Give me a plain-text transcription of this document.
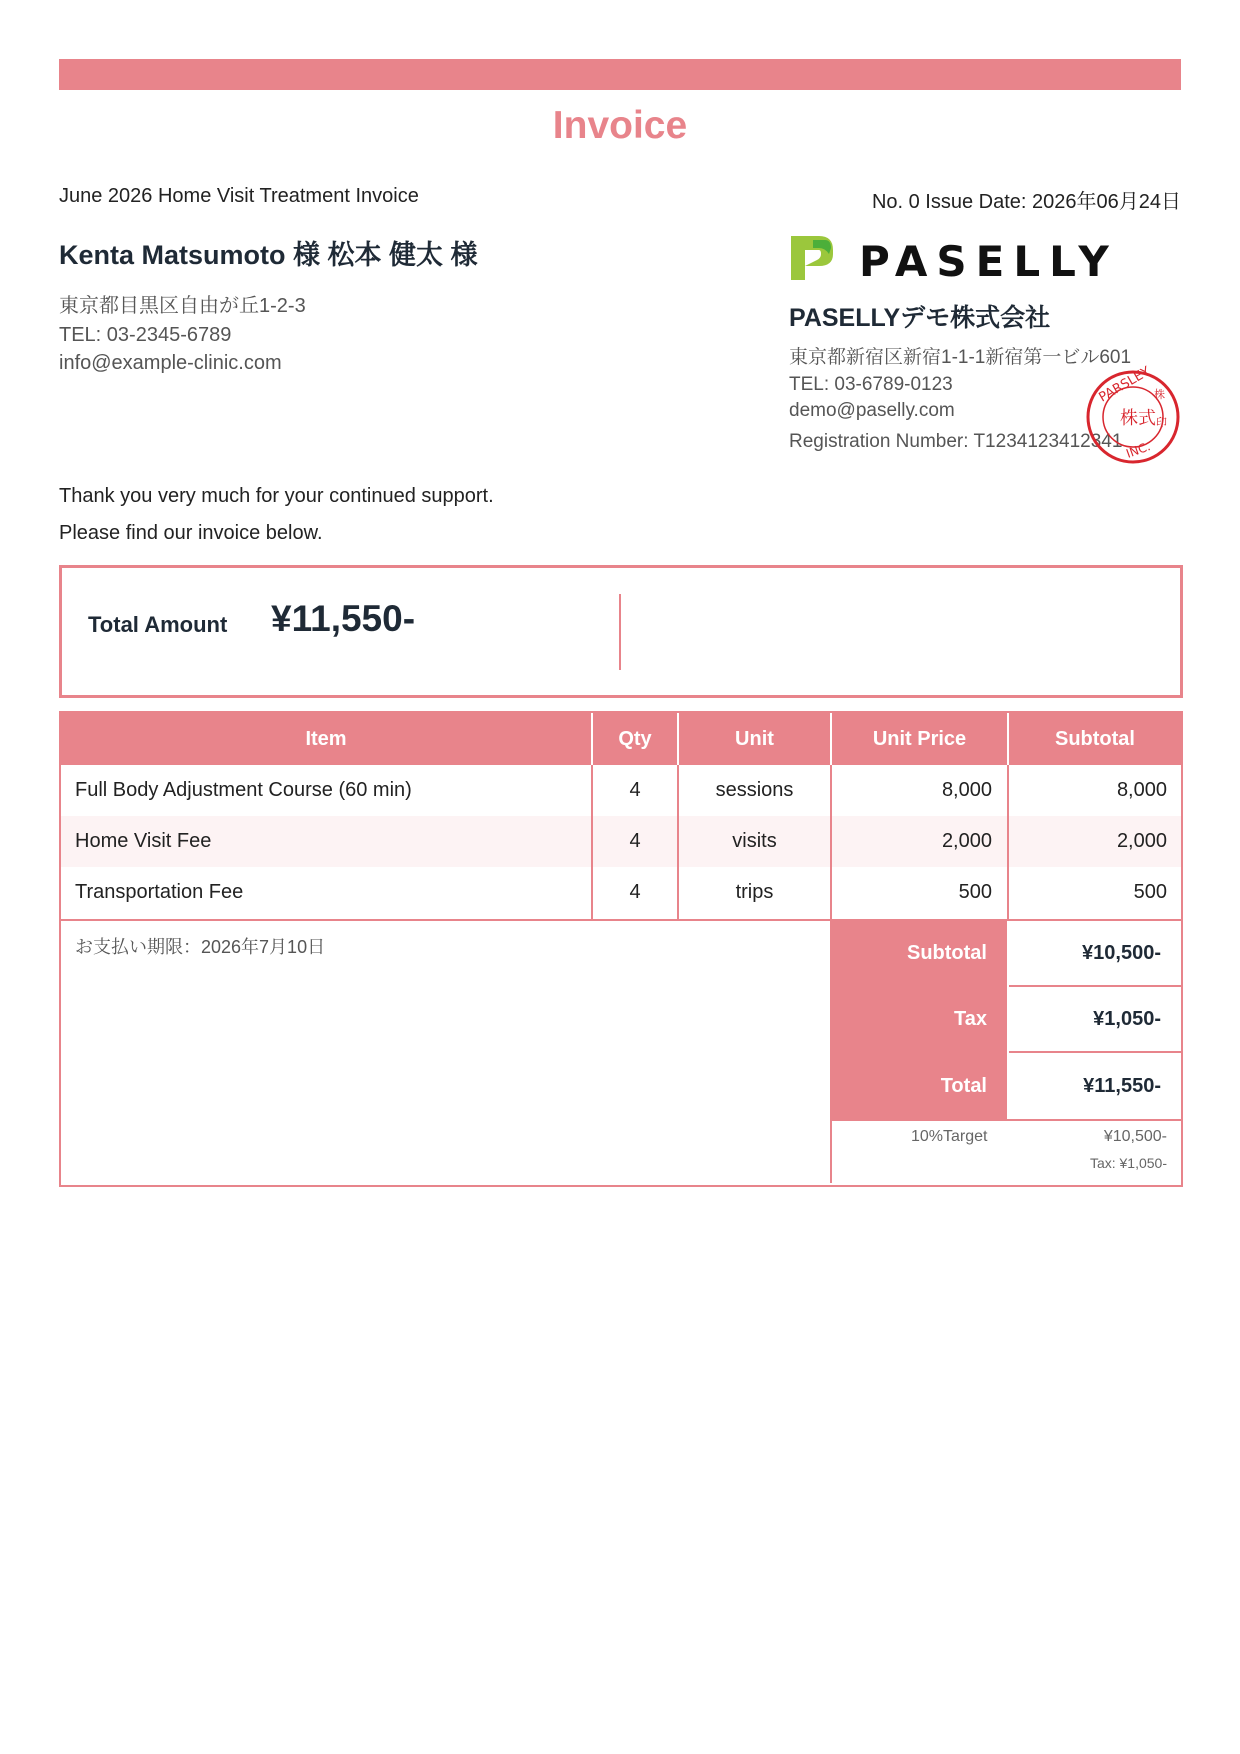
Invoice
June 2026 Home Visit Treatment Invoice	No. 0 Issue Date: 2026年06月24日
Kenta Matsumoto 様 松本 健太 様
東京都目黒区自由が丘1-2-3
TEL: 03-2345-6789
info@example-clinic.com
PASELLY
PASELLYデモ株式会社
東京都新宿区新宿1-1-1新宿第一ビル601
TEL: 03-6789-0123
demo@paselly.com
Registration Number: T1234123412341
PARSLEY
INC.
株式
株
印
Thank you very much for your continued support.
Please find our invoice below.
Total Amount ¥11,550-
Item	Qty	Unit	Unit Price	Subtotal
Full Body Adjustment Course (60 min)	4	sessions	8,000	8,000
Home Visit Fee	4	visits	2,000	2,000
Transportation Fee	4	trips	500	500
お支払い期限：2026年7月10日	Subtotal	¥10,500-
Tax	¥1,050-
Total	¥11,550-
10%Target	¥10,500-
Tax: ¥1,050-
